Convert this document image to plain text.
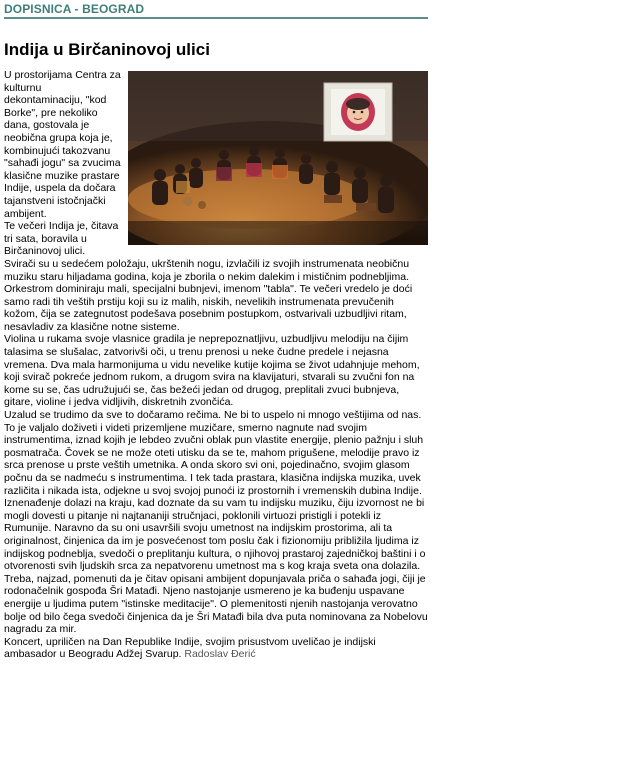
DOPISNICA - BEOGRAD
Indija u Birčaninovoj ulici

U prostorijama Centra za kulturnu dekontaminaciju, "kod Borke", pre nekoliko dana, gostovala je neobična grupa koja je, kombinujući takozvanu "sahađi jogu" sa zvucima klasične muzike prastare Indije, uspela da dočara tajanstveni istočnjački ambijent.

Te večeri Indija je, čitava tri sata, boravila u Birčaninovoj ulici.

Svirači su u sedećem položaju, ukrštenih nogu, izvlačili iz svojih instrumenata neobičnu muziku staru hiljadama godina, koja je zborila o nekim dalekim i mističnim podnebljima. Orkestrom dominiraju mali, specijalni bubnjevi, imenom "tabla". Te večeri vredelo je doći samo radi tih veštih prstiju koji su iz malih, niskih, nevelikih instrumenata prevučenih kožom, čija se zategnutost podešava posebnim postupkom, ostvarivali uzbudljivi ritam, nesavladiv za klasične notne sisteme.

Violina u rukama svoje vlasnice gradila je neprepoznatljivu, uzbudljivu melodiju na čijim talasima se slušalac, zatvorivši oči, u trenu prenosi u neke čudne predele i nejasna vremena. Dva mala harmonijuma u vidu nevelike kutije kojima se život udahnjuje mehom, koji svirač pokreće jednom rukom, a drugom svira na klavijaturi, stvarali su zvučni fon na kome su se, čas udružujući se, čas bežeći jedan od drugog, preplitali zvuci bubnjeva, gitare, violine i jedva vidljivih, diskretnih zvončića.

Uzalud se trudimo da sve to dočaramo rečima. Ne bi to uspelo ni mnogo veštijima od nas. To je valjalo doživeti i videti prizemljene muzičare, smerno nagnute nad svojim instrumentima, iznad kojih je lebdeo zvučni oblak pun vlastite energije, plenio pažnju i sluh posmatrača. Čovek se ne može oteti utisku da se te, mahom prigušene, melodije pravo iz srca prenose u prste veštih umetnika. A onda skoro svi oni, pojedinačno, svojim glasom počnu da se nadmeću s instrumentima. I tek tada prastara, klasična indijska muzika, uvek različita i nikada ista, odjekne u svoj svojoj punoći iz prostornih i vremenskih dubina Indije.

Iznenađenje dolazi na kraju, kad doznate da su vam tu indijsku muziku, čiju izvornost ne bi mogli dovesti u pitanje ni najtananiji stručnjaci, poklonili virtuozi pristigli i potekli iz Rumunije. Naravno da su oni usavršili svoju umetnost na indijskim prostorima, ali ta originalnost, činjenica da im je posvećenost tom poslu čak i fizionomiju približila ljudima iz indijskog podneblja, svedoči o preplitanju kultura, o njihovoj prastaroj zajedničkoj baštini i o otvorenosti svih ljudskih srca za nepatvorenu umetnost ma s kog kraja sveta ona dolazila.

Treba, najzad, pomenuti da je čitav opisani ambijent dopunjavala priča o sahađa jogi, čiji je rodonačelnik gospođa Šri Matađi. Njeno nastojanje usmereno je ka buđenju uspavane energije u ljudima putem "istinske meditacije". O plemenitosti njenih nastojanja verovatno bolje od bilo čega svedoči činjenica da je Šri Matađi bila dva puta nominovana za Nobelovu nagradu za mir.

Koncert, upriličen na Dan Republike Indije, svojim prisustvom uveličao je indijski ambasador u Beogradu Adžej Svarup. Radoslav Đerić
